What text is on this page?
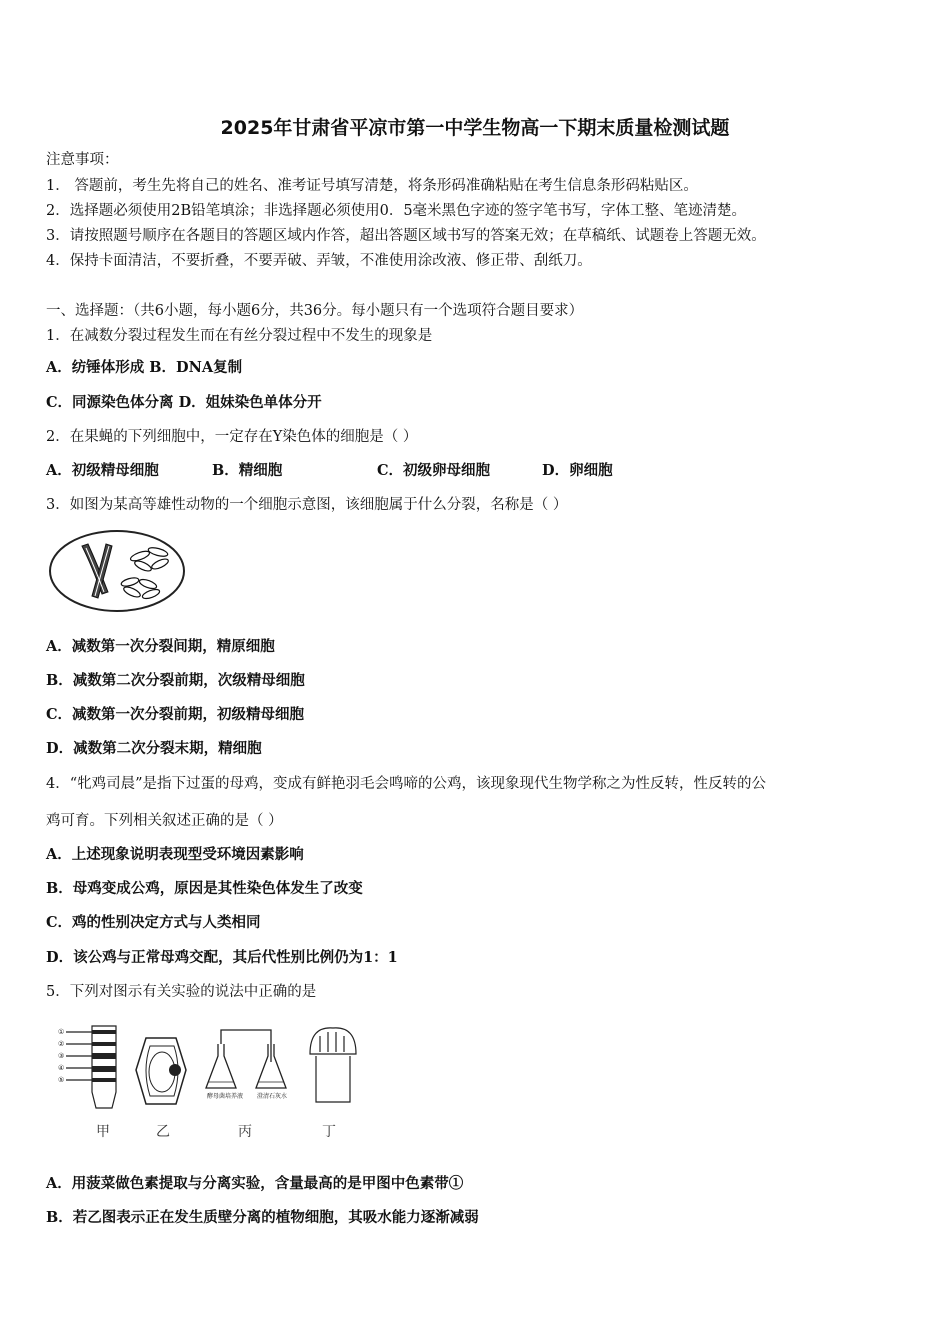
2025年甘肃省平凉市第一中学生物高一下期末质量检测试题
注意事项：
1． 答题前，考生先将自己的姓名、准考证号填写清楚，将条形码准确粘贴在考生信息条形码粘贴区。
2．选择题必须使用2B铅笔填涂；非选择题必须使用0．5毫米黑色字迹的签字笔书写，字体工整、笔迹清楚。
3．请按照题号顺序在各题目的答题区域内作答，超出答题区域书写的答案无效；在草稿纸、试题卷上答题无效。
4．保持卡面清洁，不要折叠，不要弄破、弄皱，不准使用涂改液、修正带、刮纸刀。
一、选择题：（共6小题，每小题6分，共36分。每小题只有一个选项符合题目要求）
1．在减数分裂过程发生而在有丝分裂过程中不发生的现象是
A．纺锤体形成 B．DNA复制
C．同源染色体分离 D．姐妹染色单体分开
2．在果蝇的下列细胞中，一定存在Y染色体的细胞是（ ）
A．初级精母细胞	B．精细胞	C．初级卵母细胞	D．卵细胞
3．如图为某高等雄性动物的一个细胞示意图，该细胞属于什么分裂，名称是（ ）
A．减数第一次分裂间期，精原细胞
B．减数第二次分裂前期，次级精母细胞
C．减数第一次分裂前期，初级精母细胞
D．减数第二次分裂末期，精细胞
4．“牝鸡司晨”是指下过蛋的母鸡，变成有鲜艳羽毛会鸣啼的公鸡，该现象现代生物学称之为性反转，性反转的公
鸡可育。下列相关叙述正确的是（ ）
A．上述现象说明表现型受环境因素影响
B．母鸡变成公鸡，原因是其性染色体发生了改变
C．鸡的性别决定方式与人类相同
D．该公鸡与正常母鸡交配，其后代性别比例仍为1：1
5．下列对图示有关实验的说法中正确的是
①
②
③
④
⑤
酵母菌培养液 澄清石灰水
甲	乙	丙	丁
A．用菠菜做色素提取与分离实验，含量最高的是甲图中色素带①
B．若乙图表示正在发生质壁分离的植物细胞，其吸水能力逐渐减弱
